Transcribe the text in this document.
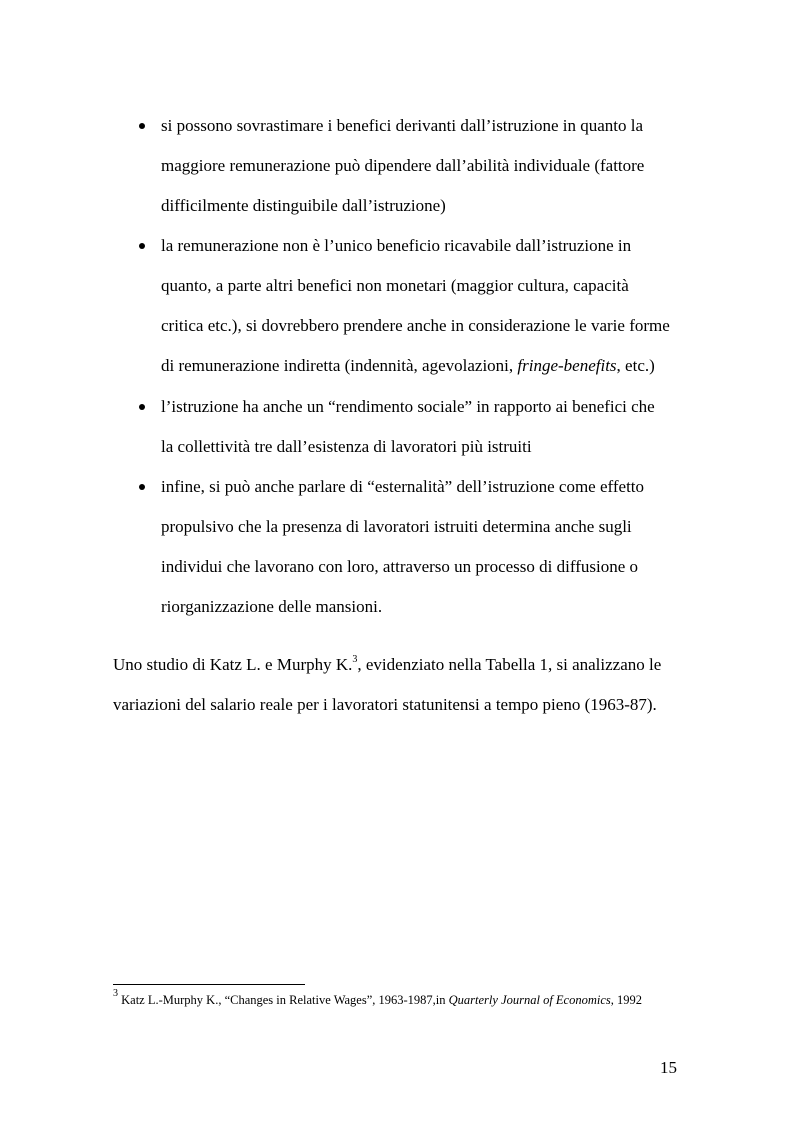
si possono sovrastimare i benefici derivanti dall’istruzione in quanto la
maggiore remunerazione può dipendere dall’abilità individuale (fattore
difficilmente distinguibile dall’istruzione)
la remunerazione non è l’unico beneficio ricavabile dall’istruzione in
quanto, a parte altri benefici non monetari (maggior cultura, capacità
critica etc.), si dovrebbero prendere anche in considerazione le varie forme
di remunerazione indiretta (indennità, agevolazioni, fringe-benefits, etc.)
l’istruzione ha anche un “rendimento sociale” in rapporto ai benefici che
la collettività tre dall’esistenza di lavoratori più istruiti
infine, si può anche parlare di “esternalità” dell’istruzione come effetto
propulsivo che la presenza di lavoratori istruiti determina anche sugli
individui che lavorano con loro, attraverso un processo di diffusione o
riorganizzazione delle mansioni.
Uno studio di Katz L. e Murphy K.$^3$, evidenziato nella Tabella 1, si analizzano le
variazioni del salario reale per i lavoratori statunitensi a tempo pieno (1963-87).
$^3$ Katz L.-Murphy K., “Changes in Relative Wages”, 1963-1987,in Quarterly Journal of Economics, 1992
15
